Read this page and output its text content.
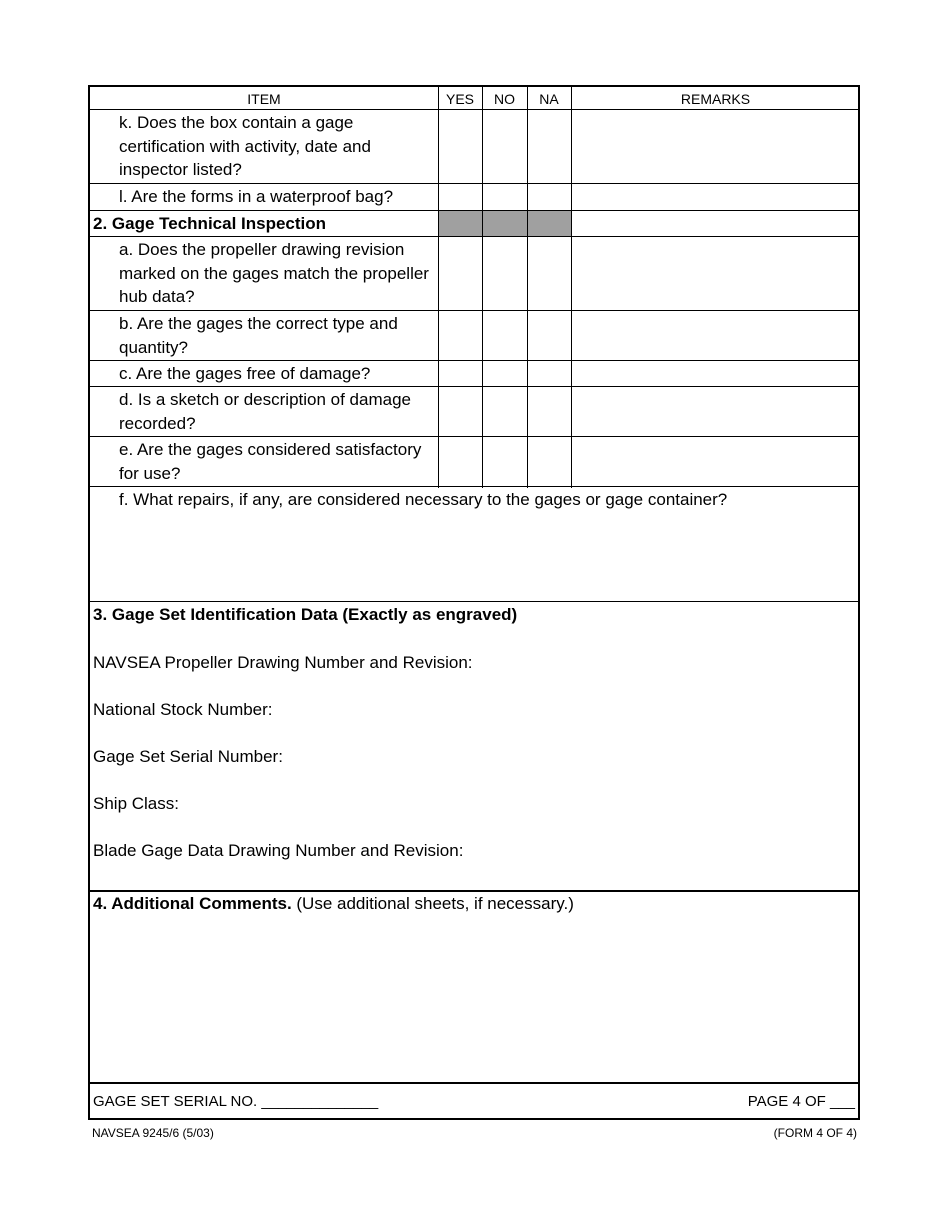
ITEM	YES	NO	NA	REMARKS
k. Does the box contain a gage certification with activity, date and inspector listed?
l. Are the forms in a waterproof bag?
2. Gage Technical Inspection
a. Does the propeller drawing revision marked on the gages match the propeller hub data?
b. Are the gages the correct type and quantity?
c. Are the gages free of damage?
d. Is a sketch or description of damage recorded?
e. Are the gages considered satisfactory for use?
f. What repairs, if any, are considered necessary to the gages or gage container?
3. Gage Set Identification Data (Exactly as engraved)
NAVSEA Propeller Drawing Number and Revision:
National Stock Number:
Gage Set Serial Number:
Ship Class:
Blade Gage Data Drawing Number and Revision:
4. Additional Comments. (Use additional sheets, if necessary.)
GAGE SET SERIAL NO. ______________	PAGE 4 OF ___
NAVSEA 9245/6 (5/03)	(FORM 4 OF 4)
